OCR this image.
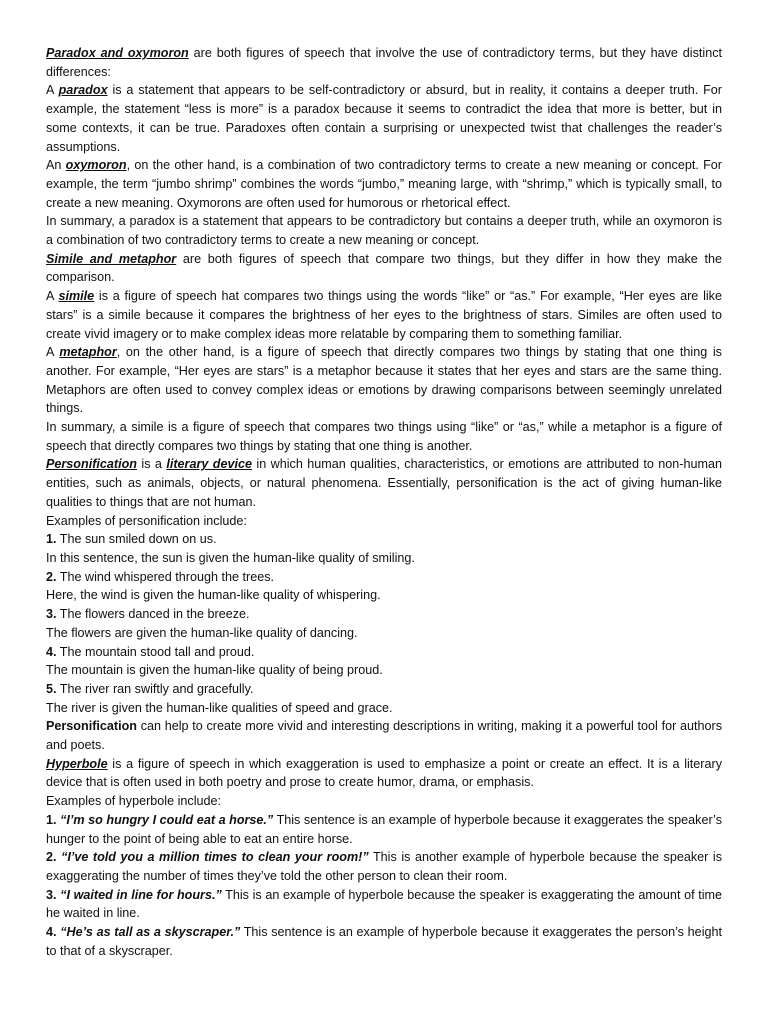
Paradox and oxymoron are both figures of speech that involve the use of contradictory terms, but they have distinct differences:

A paradox is a statement that appears to be self-contradictory or absurd, but in reality, it contains a deeper truth. For example, the statement “less is more” is a paradox because it seems to contradict the idea that more is better, but in some contexts, it can be true. Paradoxes often contain a surprising or unexpected twist that challenges the reader’s assumptions.

An oxymoron, on the other hand, is a combination of two contradictory terms to create a new meaning or concept. For example, the term “jumbo shrimp” combines the words “jumbo,” meaning large, with “shrimp,” which is typically small, to create a new meaning. Oxymorons are often used for humorous or rhetorical effect.

In summary, a paradox is a statement that appears to be contradictory but contains a deeper truth, while an oxymoron is a combination of two contradictory terms to create a new meaning or concept.

Simile and metaphor are both figures of speech that compare two things, but they differ in how they make the comparison.

A simile is a figure of speech hat compares two things using the words “like” or “as.” For example, “Her eyes are like stars” is a simile because it compares the brightness of her eyes to the brightness of stars. Similes are often used to create vivid imagery or to make complex ideas more relatable by comparing them to something familiar.

A metaphor, on the other hand, is a figure of speech that directly compares two things by stating that one thing is another. For example, “Her eyes are stars” is a metaphor because it states that her eyes and stars are the same thing. Metaphors are often used to convey complex ideas or emotions by drawing comparisons between seemingly unrelated things.

In summary, a simile is a figure of speech that compares two things using “like” or “as,” while a metaphor is a figure of speech that directly compares two things by stating that one thing is another.

Personification is a literary device in which human qualities, characteristics, or emotions are attributed to non-human entities, such as animals, objects, or natural phenomena. Essentially, personification is the act of giving human-like qualities to things that are not human.

Examples of personification include:

1. The sun smiled down on us.

In this sentence, the sun is given the human-like quality of smiling.

2. The wind whispered through the trees.

Here, the wind is given the human-like quality of whispering.

3. The flowers danced in the breeze.

The flowers are given the human-like quality of dancing.

4. The mountain stood tall and proud.

The mountain is given the human-like quality of being proud.

5. The river ran swiftly and gracefully.

The river is given the human-like qualities of speed and grace.

Personification can help to create more vivid and interesting descriptions in writing, making it a powerful tool for authors and poets.

Hyperbole is a figure of speech in which exaggeration is used to emphasize a point or create an effect. It is a literary device that is often used in both poetry and prose to create humor, drama, or emphasis.

Examples of hyperbole include:

1. “I’m so hungry I could eat a horse.” This sentence is an example of hyperbole because it exaggerates the speaker’s hunger to the point of being able to eat an entire horse.

2. “I’ve told you a million times to clean your room!” This is another example of hyperbole because the speaker is exaggerating the number of times they’ve told the other person to clean their room.

3. “I waited in line for hours.” This is an example of hyperbole because the speaker is exaggerating the amount of time he waited in line.

4. “He’s as tall as a skyscraper.” This sentence is an example of hyperbole because it exaggerates the person’s height to that of a skyscraper.
